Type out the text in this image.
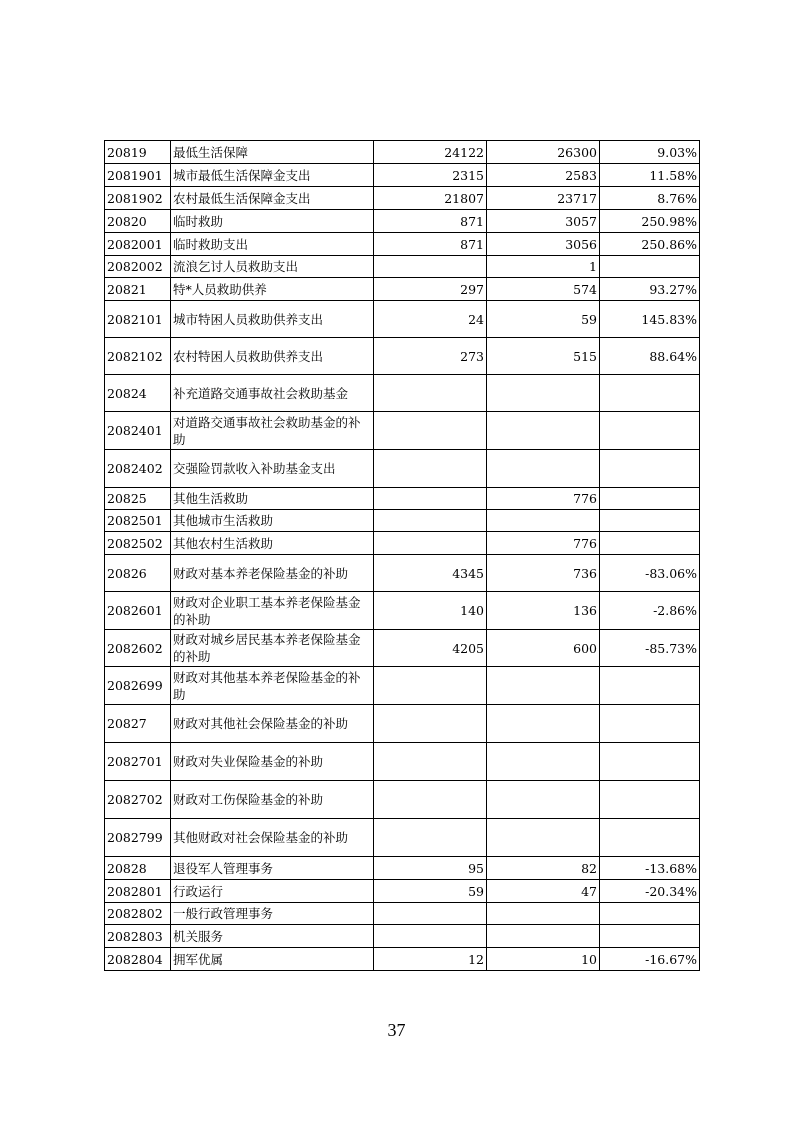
20819	最低生活保障	24122	26300	9.03%
2081901	城市最低生活保障金支出	2315	2583	11.58%
2081902	农村最低生活保障金支出	21807	23717	8.76%
20820	临时救助	871	3057	250.98%
2082001	临时救助支出	871	3056	250.86%
2082002	流浪乞讨人员救助支出		1	
20821	特*人员救助供养	297	574	93.27%
2082101	城市特困人员救助供养支出	24	59	145.83%
2082102	农村特困人员救助供养支出	273	515	88.64%
20824	补充道路交通事故社会救助基金			
2082401	对道路交通事故社会救助基金的补助			
2082402	交强险罚款收入补助基金支出			
20825	其他生活救助		776	
2082501	其他城市生活救助			
2082502	其他农村生活救助		776	
20826	财政对基本养老保险基金的补助	4345	736	-83.06%
2082601	财政对企业职工基本养老保险基金的补助	140	136	-2.86%
2082602	财政对城乡居民基本养老保险基金的补助	4205	600	-85.73%
2082699	财政对其他基本养老保险基金的补助			
20827	财政对其他社会保险基金的补助			
2082701	财政对失业保险基金的补助			
2082702	财政对工伤保险基金的补助			
2082799	其他财政对社会保险基金的补助			
20828	退役军人管理事务	95	82	-13.68%
2082801	行政运行	59	47	-20.34%
2082802	一般行政管理事务			
2082803	机关服务			
2082804	拥军优属	12	10	-16.67%
37
